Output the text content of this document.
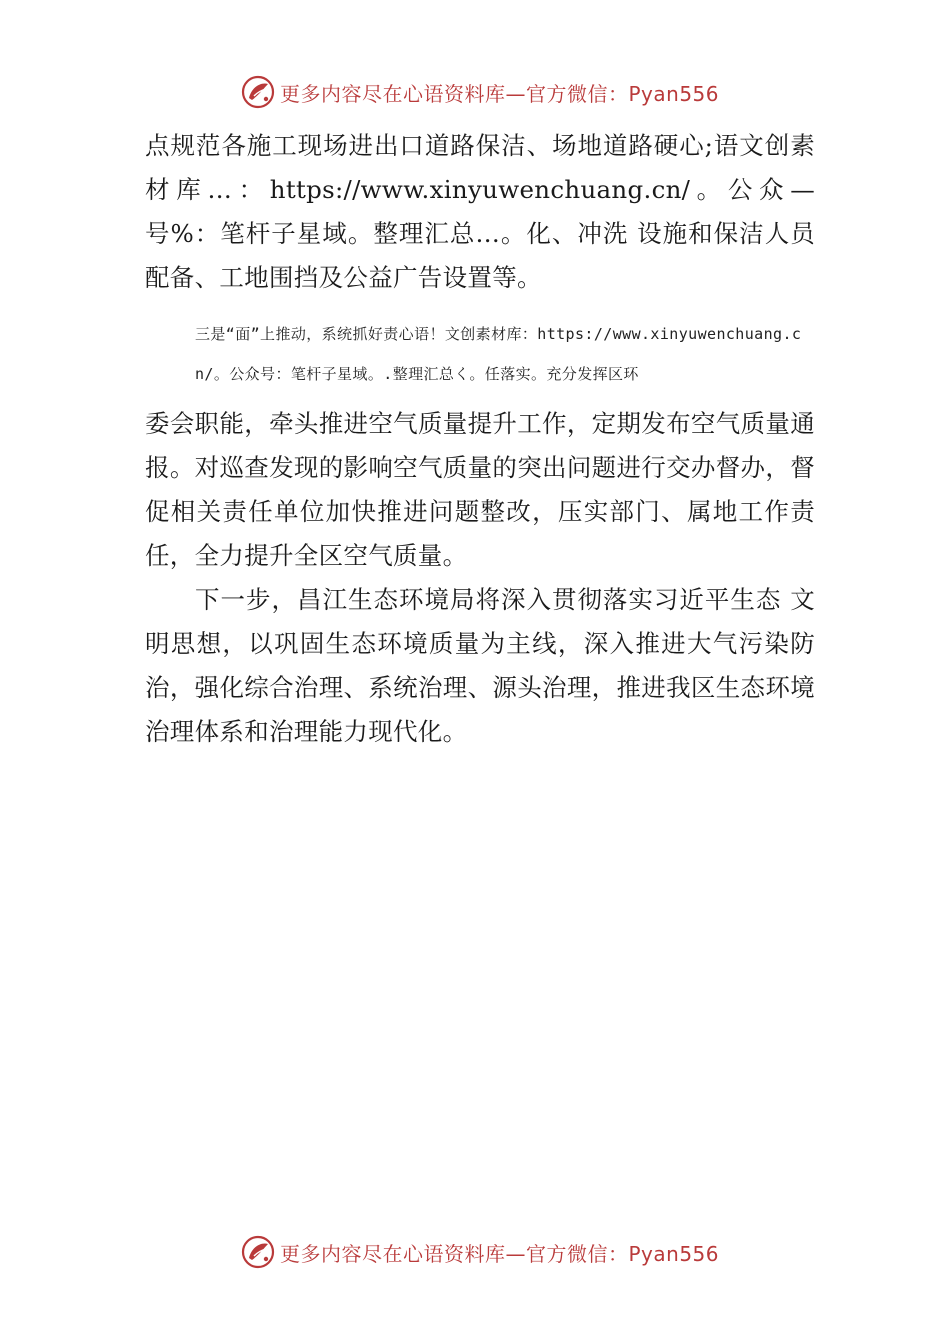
更多内容尽在心语资料库—官方微信：Pyan556

点规范各施工现场进出口道路保洁、场地道路硬心;语文创素材库…：https://www.xinyuwenchuang.cn/。公众—号%：笔杆子星域。整理汇总…。化、冲洗 设施和保洁人员配备、工地围挡及公益广告设置等。

三是“面”上推动，系统抓好责心语！文创素材库：https://www.xinyuwenchuang.cn/。公众号：笔杆子星域。.整理汇总く。任落实。充分发挥区环

委会职能，牵头推进空气质量提升工作，定期发布空气质量通报。对巡查发现的影响空气质量的突出问题进行交办督办，督促相关责任单位加快推进问题整改，压实部门、属地工作责任，全力提升全区空气质量。

下一步，昌江生态环境局将深入贯彻落实习近平生态 文明思想，以巩固生态环境质量为主线，深入推进大气污染防治，强化综合治理、系统治理、源头治理，推进我区生态环境治理体系和治理能力现代化。

更多内容尽在心语资料库—官方微信：Pyan556
